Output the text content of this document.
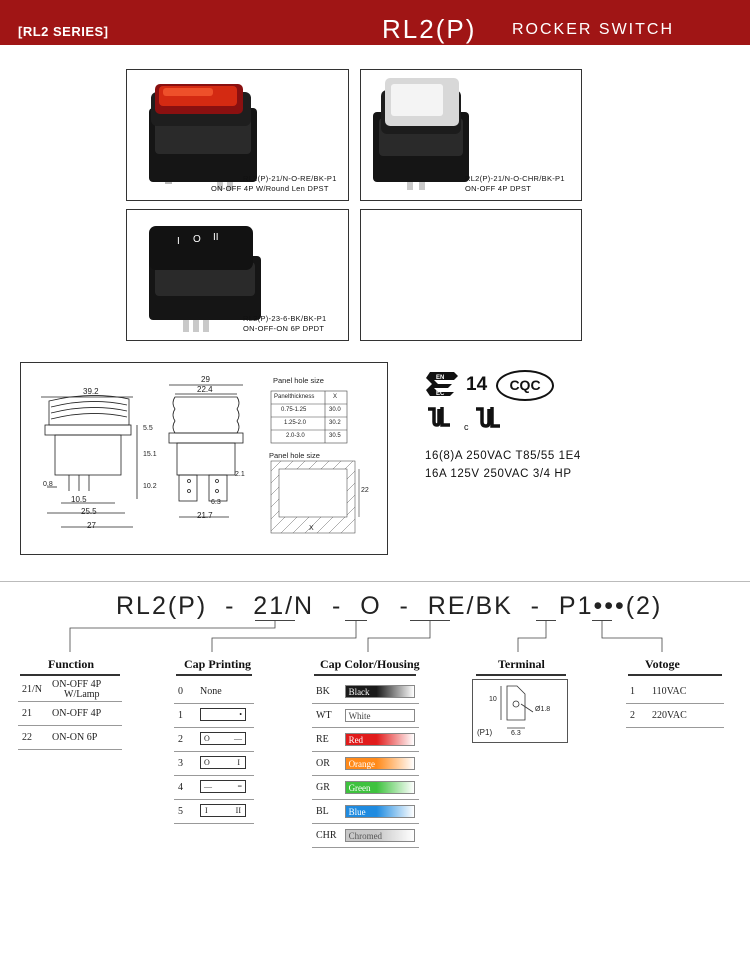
[RL2 SERIES]	RL2(P) ROCKER SWITCH
RL2(P)-21/N-O-RE/BK-P1
ON-OFF 4P W/Round Len DPST
RL2(P)-21/N-O-CHR/BK-P1
ON-OFF 4P DPST
I O II
RL2(P)-23-6-BK/BK-P1
ON-OFF-ON 6P DPDT
39.2
29
22.4
5.5
15.1
10.2
0.8
10.5
25.5
27
21.7
6.3
2.1
22
X
Panel hole size
Panelthickness	X
0.75-1.25	30.0
1.25-2.0	30.2
2.0-3.0	30.5
Panel hole size
EN
EC 14	CQC
c
16(8)A 250VAC T85/55 1E4
16A 125V 250VAC 3/4 HP
RL2(P)  -  21/N  -  O  -  RE/BK  -  P1•••(2)
Function
21/N	ON-OFF 4P
W/Lamp

21	ON-OFF 4P
22	ON-ON 6P
Cap Printing
0	None
1	•

2	O —

3	O I

4	— =

5	I II
Cap Color/Housing
BK	Black
WT	White
RE	Red
OR	Orange
GR	Green
BL	Blue
CHR	Chromed
Terminal
10
Ø1.8
6.3
(P1)
Votoge
1	110VAC
2	220VAC
